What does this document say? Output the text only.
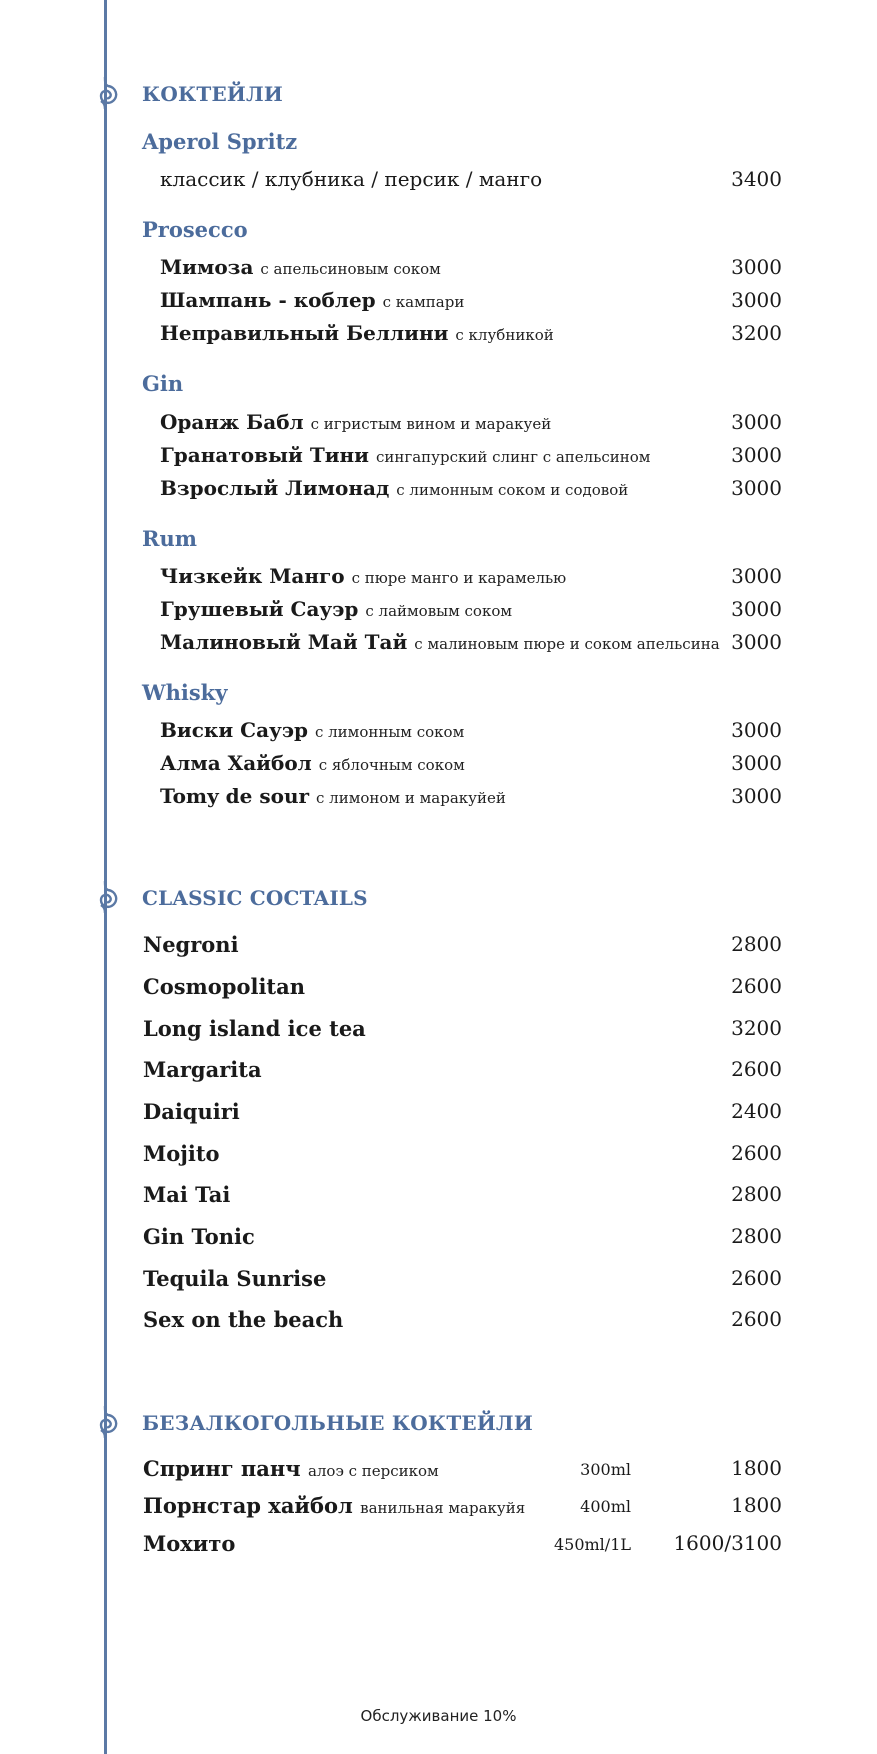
КОКТЕЙЛИ
Aperol Spritz
классик / клубника / персик / манго	3400
Prosecco
Мимоза с апельсиновым соком	3000
Шампань - коблер с кампари	3000
Неправильный Беллини с клубникой	3200
Gin
Оранж Бабл с игристым вином и маракуей	3000
Гранатовый Тини сингапурский слинг с апельсином	3000
Взрослый Лимонад с лимонным соком и содовой	3000
Rum
Чизкейк Манго с пюре манго и карамелью	3000
Грушевый Сауэр с лаймовым соком	3000
Малиновый Май Тай с малиновым пюре и соком апельсина 3000
Whisky
Виски Сауэр с лимонным соком	3000
Алма Хайбол с яблочным соком	3000
Tomy de sour с лимоном и маракуйей	3000
CLASSIC COCTAILS
Negroni	2800
Cosmopolitan	2600
Long island ice tea	3200
Margarita	2600
Daiquiri	2400
Mojito	2600
Mai Tai	2800
Gin Tonic	2800
Tequila Sunrise	2600
Sex on the beach	2600
БЕЗАЛКОГОЛЬНЫЕ КОКТЕЙЛИ
Спринг панч алоэ с персиком	300ml	1800
Порнстар хайбол ванильная маракуйя	400ml	1800
Мохито	450ml/1L 1600/3100
Обслуживание 10%
